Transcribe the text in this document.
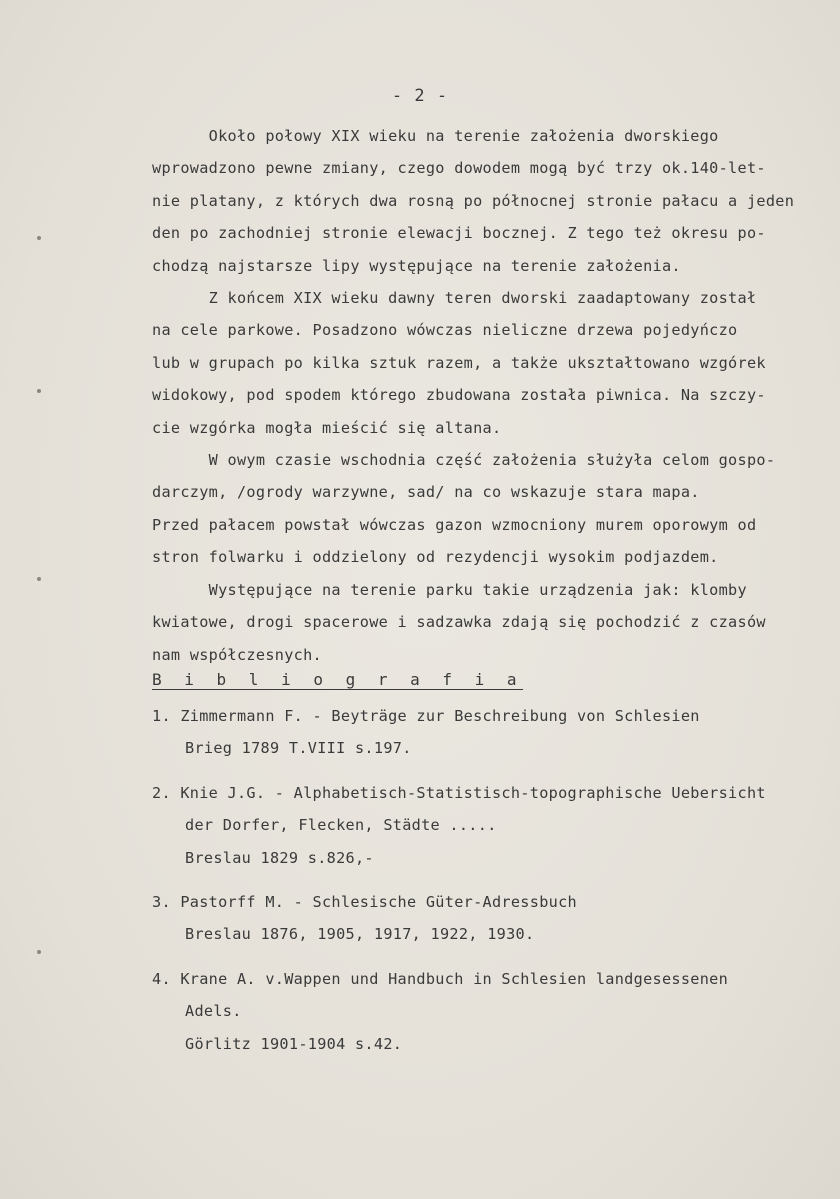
- 2 -
Około połowy XIX wieku na terenie założenia dworskiego
wprowadzono pewne zmiany, czego dowodem mogą być trzy ok.140-let-
nie platany, z których dwa rosną po północnej stronie pałacu a jeden
den po zachodniej stronie elewacji bocznej. Z tego też okresu po-
chodzą najstarsze lipy występujące na terenie założenia.
Z końcem XIX wieku dawny teren dworski zaadaptowany został
na cele parkowe. Posadzono wówczas nieliczne drzewa pojedyńczo
lub w grupach po kilka sztuk razem, a także ukształtowano wzgórek
widokowy, pod spodem którego zbudowana została piwnica. Na szczy-
cie wzgórka mogła mieścić się altana.
W owym czasie wschodnia część założenia służyła celom gospo-
darczym, /ogrody warzywne, sad/ na co wskazuje stara mapa.
Przed pałacem powstał wówczas gazon wzmocniony murem oporowym od
stron folwarku i oddzielony od rezydencji wysokim podjazdem.
Występujące na terenie parku takie urządzenia jak: klomby
kwiatowe, drogi spacerowe i sadzawka zdają się pochodzić z czasów
nam współczesnych.
B i b l i o g r a f i a
1. Zimmermann F. - Beyträge zur Beschreibung von Schlesien
Brieg 1789 T.VIII s.197.
2. Knie J.G. - Alphabetisch-Statistisch-topographische Uebersicht
der Dorfer, Flecken, Städte .....
Breslau 1829 s.826,-
3. Pastorff M. - Schlesische Güter-Adressbuch
Breslau 1876, 1905, 1917, 1922, 1930.
4. Krane A. v.Wappen und Handbuch in Schlesien landgesessenen
Adels.
Görlitz 1901-1904 s.42.
